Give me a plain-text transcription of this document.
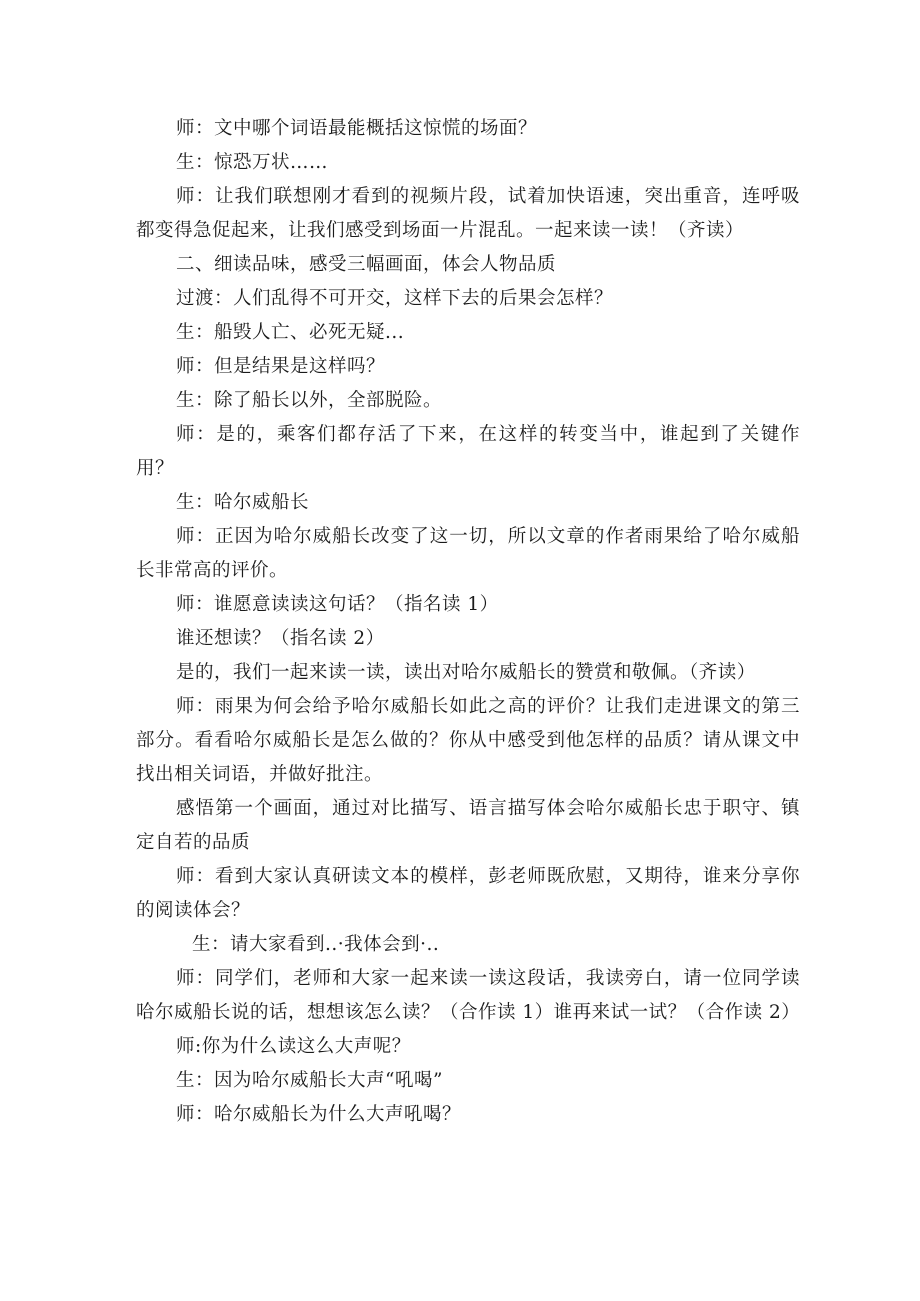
师：文中哪个词语最能概括这惊慌的场面？

生：惊恐万状……

师：让我们联想刚才看到的视频片段，试着加快语速，突出重音，连呼吸都变得急促起来，让我们感受到场面一片混乱。一起来读一读！（齐读）

二、细读品味，感受三幅画面，体会人物品质

过渡：人们乱得不可开交，这样下去的后果会怎样？

生：船毁人亡、必死无疑...

师：但是结果是这样吗？

生：除了船长以外，全部脱险。

师：是的，乘客们都存活了下来，在这样的转变当中，谁起到了关键作用？

生：哈尔威船长

师：正因为哈尔威船长改变了这一切，所以文章的作者雨果给了哈尔威船长非常高的评价。

师：谁愿意读读这句话？（指名读 1）

谁还想读？（指名读 2）

是的，我们一起来读一读，读出对哈尔威船长的赞赏和敬佩。（齐读）

师：雨果为何会给予哈尔威船长如此之高的评价？让我们走进课文的第三部分。看看哈尔威船长是怎么做的？你从中感受到他怎样的品质？请从课文中找出相关词语，并做好批注。

感悟第一个画面，通过对比描写、语言描写体会哈尔威船长忠于职守、镇定自若的品质

师：看到大家认真研读文本的模样，彭老师既欣慰，又期待，谁来分享你的阅读体会？

生：请大家看到..·我体会到·..

师：同学们，老师和大家一起来读一读这段话，我读旁白，请一位同学读哈尔威船长说的话，想想该怎么读？（合作读 1）谁再来试一试？（合作读 2）

师:你为什么读这么大声呢？

生：因为哈尔威船长大声“吼喝”

师：哈尔威船长为什么大声吼喝？
